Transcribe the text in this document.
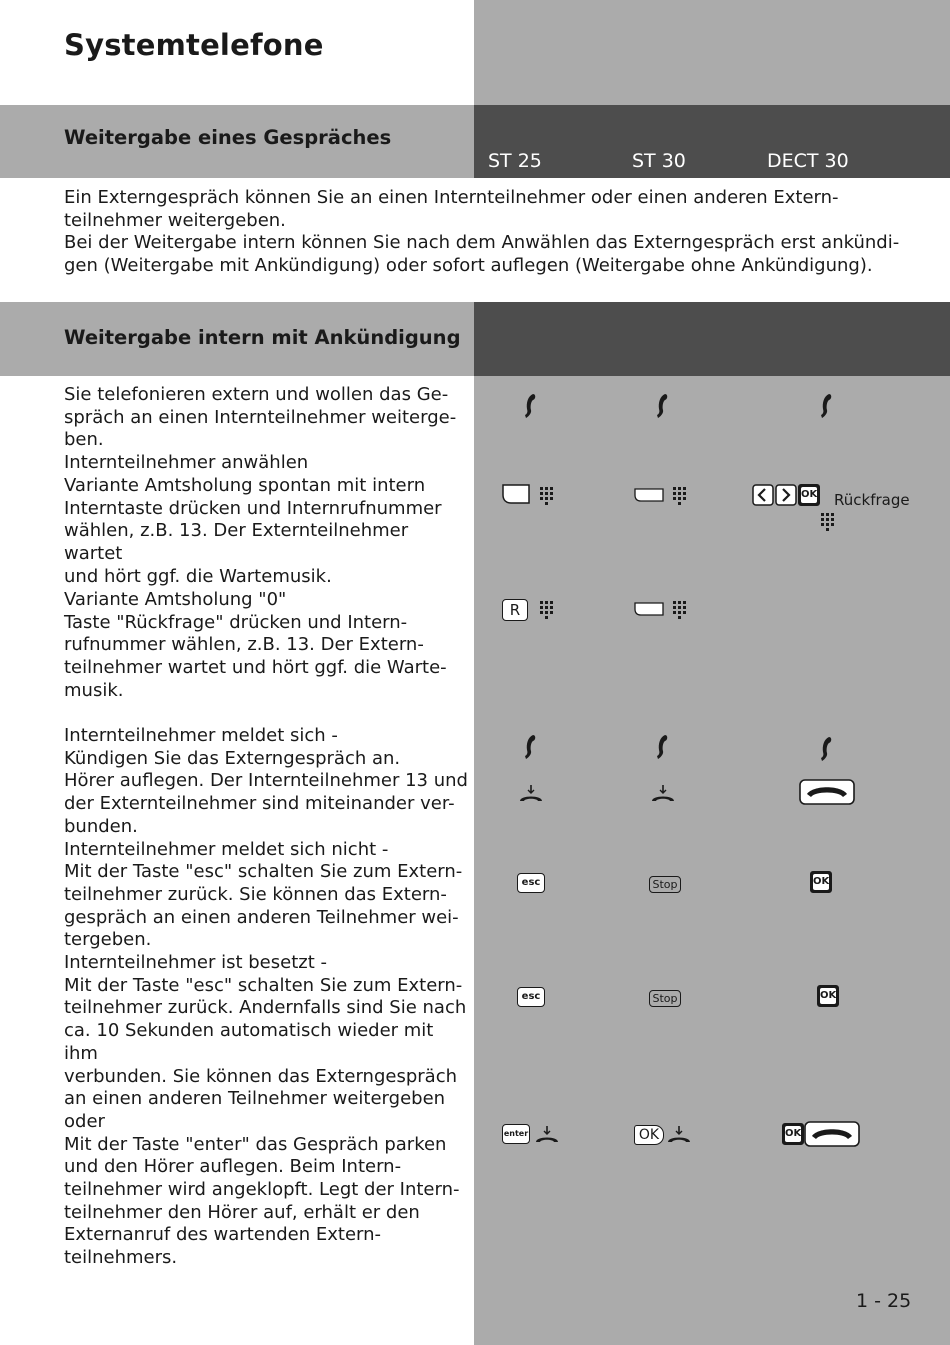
Systemtelefone
Weitergabe eines Gespräches
ST 25	ST 30	DECT 30

Ein Externgespräch können Sie an einen Internteilnehmer oder einen anderen Extern-
teilnehmer weitergeben.
Bei der Weitergabe intern können Sie nach dem Anwählen das Externgespräch erst ankündi-
gen (Weitergabe mit Ankündigung) oder sofort auflegen (Weitergabe ohne Ankündigung).

Weitergabe intern mit Ankündigung

Sie telefonieren extern und wollen das Ge-
spräch an einen Internteilnehmer weiterge-
ben.
Internteilnehmer anwählen
Variante Amtsholung spontan mit intern
Interntaste drücken und Internrufnummer
wählen, z.B. 13. Der Externteilnehmer wartet
und hört ggf. die Wartemusik.

Variante Amtsholung "0"
Taste "Rückfrage" drücken und Intern-
rufnummer wählen, z.B. 13. Der Extern-
teilnehmer wartet und hört ggf. die Warte-
musik.

Internteilnehmer meldet sich -
Kündigen Sie das Externgespräch an.
Hörer auflegen. Der Internteilnehmer 13 und
der Externteilnehmer sind miteinander ver-
bunden.
Internteilnehmer meldet sich nicht -
Mit der Taste "esc" schalten Sie zum Extern-
teilnehmer zurück. Sie können das Extern-
gespräch an einen anderen Teilnehmer wei-
tergeben.
Internteilnehmer ist besetzt -
Mit der Taste "esc" schalten Sie zum Extern-
teilnehmer zurück. Andernfalls sind Sie nach
ca. 10 Sekunden automatisch wieder mit ihm
verbunden. Sie können das Externgespräch
an einen anderen Teilnehmer weitergeben
oder
Mit der Taste "enter" das Gespräch parken
und den Hörer auflegen. Beim Intern-
teilnehmer wird angeklopft. Legt der Intern-
teilnehmer den Hörer auf, erhält er den
Externanruf des wartenden Extern-
teilnehmers.

OK Rückfrage
R
esc	Stop	OK
esc	Stop	OK
enter	OK	OK
1 - 25
